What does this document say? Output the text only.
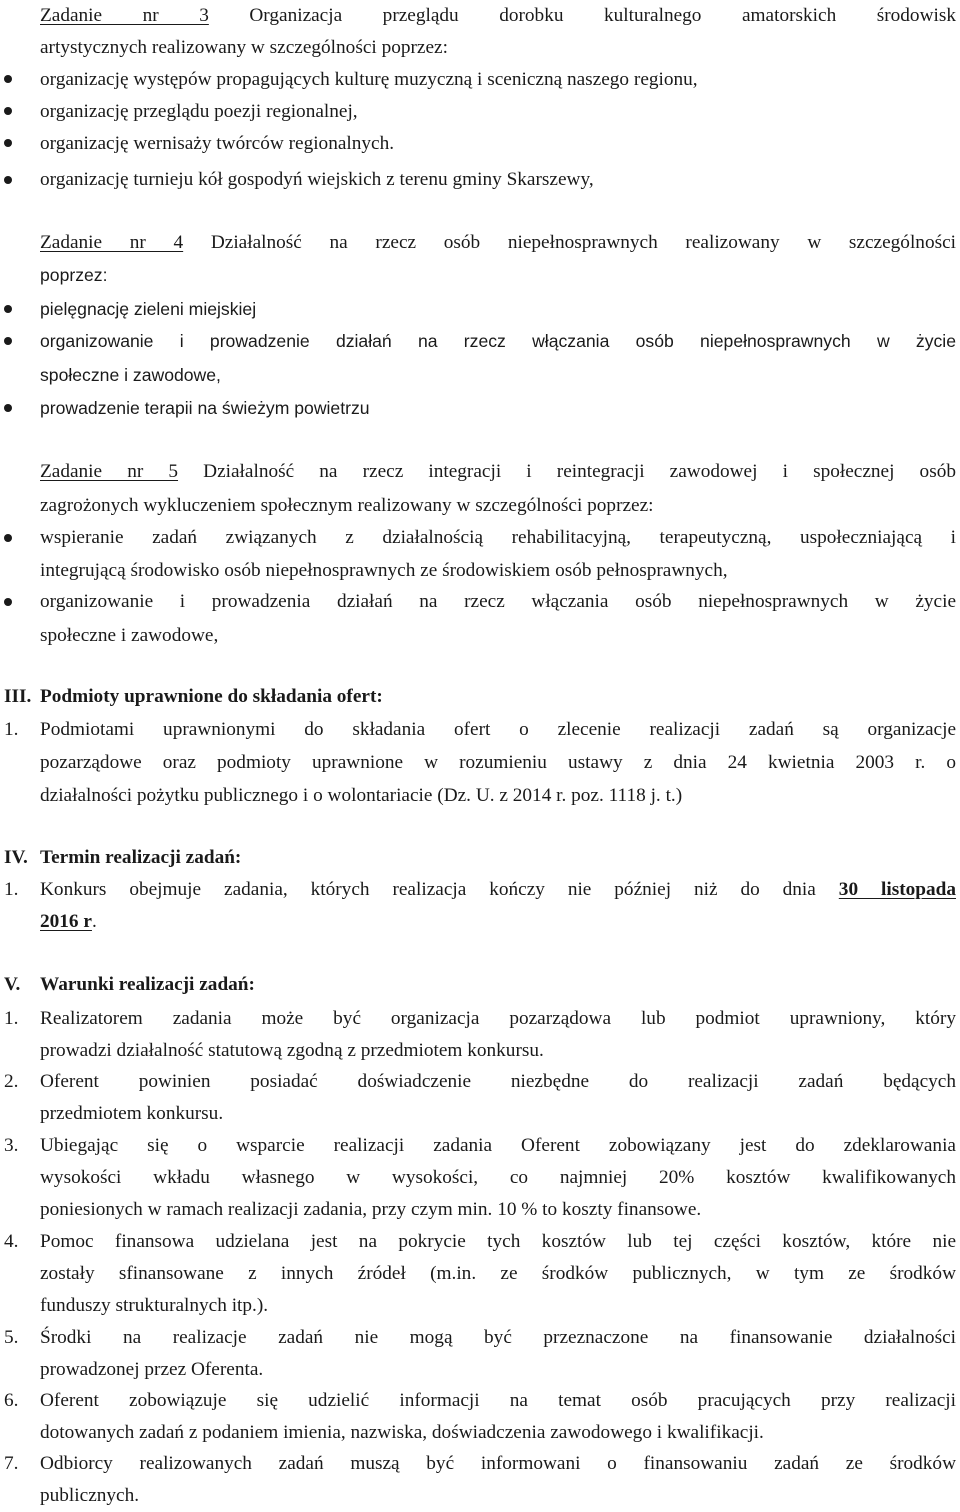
Zadanie nr 3 Organizacja przeglądu dorobku kulturalnego amatorskich środowisk
artystycznych realizowany w szczególności poprzez:
organizację występów propagujących kulturę muzyczną i sceniczną naszego regionu,
organizację przeglądu poezji regionalnej,
organizację wernisaży twórców regionalnych.
organizację turnieju kół gospodyń wiejskich z terenu gminy Skarszewy,
Zadanie nr 4 Działalność na rzecz osób niepełnosprawnych realizowany w szczególności
poprzez:
pielęgnację zieleni miejskiej
organizowanie i prowadzenie działań na rzecz włączania osób niepełnosprawnych w życie
społeczne i zawodowe,
prowadzenie terapii na świeżym powietrzu
Zadanie nr 5 Działalność na rzecz integracji i reintegracji zawodowej i społecznej osób
zagrożonych wykluczeniem społecznym realizowany w szczególności poprzez:
wspieranie zadań związanych z działalnością rehabilitacyjną, terapeutyczną, uspołeczniającą i
integrującą środowisko osób niepełnosprawnych ze środowiskiem osób pełnosprawnych,
organizowanie i prowadzenia działań na rzecz włączania osób niepełnosprawnych w życie
społeczne i zawodowe,
III. Podmioty uprawnione do składania ofert:
1. Podmiotami uprawnionymi do składania ofert o zlecenie realizacji zadań są organizacje
pozarządowe oraz podmioty uprawnione w rozumieniu ustawy z dnia 24 kwietnia 2003 r. o
działalności pożytku publicznego i o wolontariacie (Dz. U. z 2014 r. poz. 1118 j. t.)
IV. Termin realizacji zadań:
1. Konkurs obejmuje zadania, których realizacja kończy nie później niż do dnia 30 listopada
2016 r.
V. Warunki realizacji zadań:
1. Realizatorem zadania może być organizacja pozarządowa lub podmiot uprawniony, który
prowadzi działalność statutową zgodną z przedmiotem konkursu.
2. Oferent powinien posiadać doświadczenie niezbędne do realizacji zadań będących
przedmiotem konkursu.
3. Ubiegając się o wsparcie realizacji zadania Oferent zobowiązany jest do zdeklarowania
wysokości wkładu własnego w wysokości, co najmniej 20% kosztów kwalifikowanych
poniesionych w ramach realizacji zadania, przy czym min. 10 % to koszty finansowe.
4. Pomoc finansowa udzielana jest na pokrycie tych kosztów lub tej części kosztów, które nie
zostały sfinansowane z innych źródeł (m.in. ze środków publicznych, w tym ze środków
funduszy strukturalnych itp.).
5. Środki na realizacje zadań nie mogą być przeznaczone na finansowanie działalności
prowadzonej przez Oferenta.
6. Oferent zobowiązuje się udzielić informacji na temat osób pracujących przy realizacji
dotowanych zadań z podaniem imienia, nazwiska, doświadczenia zawodowego i kwalifikacji.
7. Odbiorcy realizowanych zadań muszą być informowani o finansowaniu zadań ze środków
publicznych.
